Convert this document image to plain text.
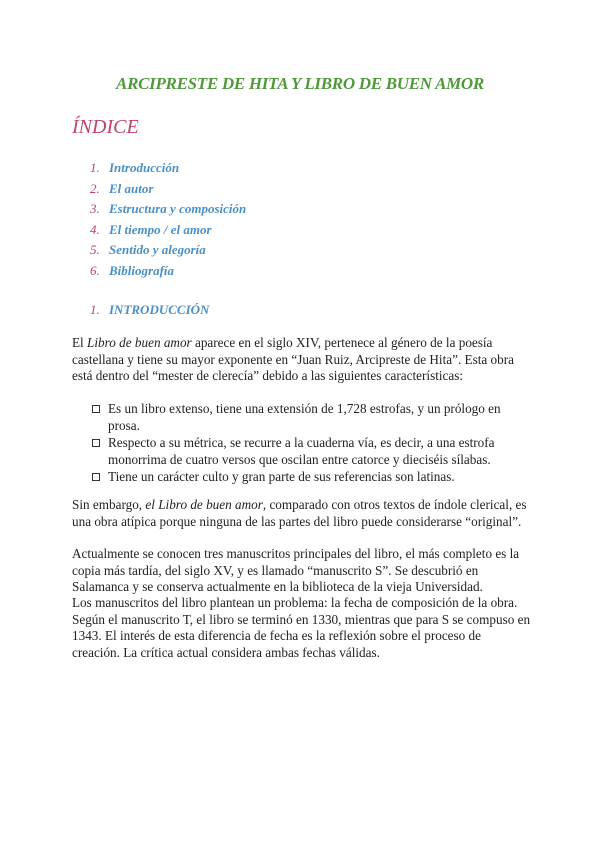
ARCIPRESTE DE HITA Y LIBRO DE BUEN AMOR
ÍNDICE
1. Introducción
2. El autor
3. Estructura y composición
4. El tiempo / el amor
5. Sentido y alegoría
6. Bibliografía
1. INTRODUCCIÓN

El Libro de buen amor aparece en el siglo XIV, pertenece al género de la poesía castellana y tiene su mayor exponente en “Juan Ruiz, Arcipreste de Hita”. Esta obra está dentro del “mester de clerecía” debido a las siguientes características:

Es un libro extenso, tiene una extensión de 1,728 estrofas, y un prólogo en prosa.
Respecto a su métrica, se recurre a la cuaderna vía, es decir, a una estrofa monorrima de cuatro versos que oscilan entre catorce y dieciséis sílabas.
Tiene un carácter culto y gran parte de sus referencias son latinas.

Sin embargo, el Libro de buen amor, comparado con otros textos de índole clerical, es una obra atípica porque ninguna de las partes del libro puede considerarse “original”.

Actualmente se conocen tres manuscritos principales del libro, el más completo es la copia más tardía, del siglo XV, y es llamado “manuscrito S”. Se descubrió en Salamanca y se conserva actualmente en la biblioteca de la vieja Universidad.

Los manuscritos del libro plantean un problema: la fecha de composición de la obra. Según el manuscrito T, el libro se terminó en 1330, mientras que para S se compuso en 1343. El interés de esta diferencia de fecha es la reflexión sobre el proceso de creación. La crítica actual considera ambas fechas válidas.
